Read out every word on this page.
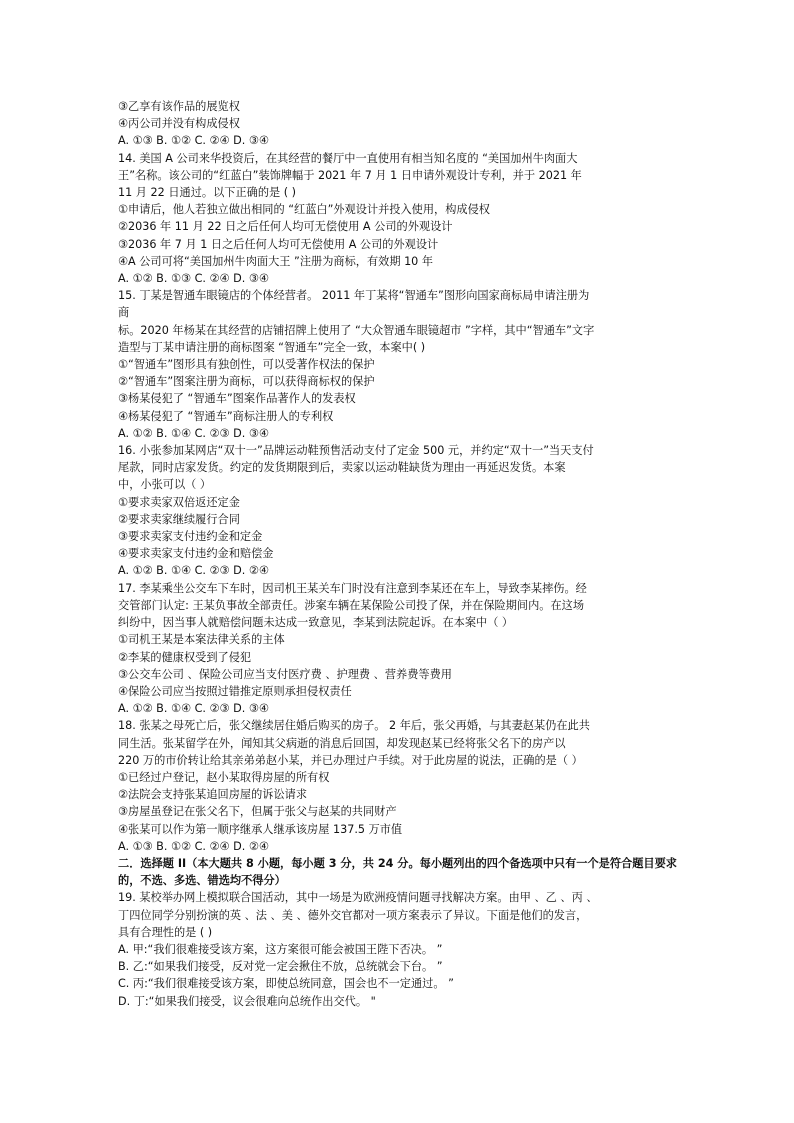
③乙享有该作品的展览权
④丙公司并没有构成侵权
A. ①③ B. ①② C. ②④ D. ③④
14. 美国 A 公司来华投资后，在其经营的餐厅中一直使用有相当知名度的 “美国加州牛肉面大
王”名称。该公司的“红蓝白”装饰牌幅于 2021 年 7 月 1 日申请外观设计专利，并于 2021 年
11 月 22 日通过。以下正确的是 ( )
①申请后，他人若独立做出相同的 “红蓝白”外观设计并投入使用，构成侵权
②2036 年 11 月 22 日之后任何人均可无偿使用 A 公司的外观设计
③2036 年 7 月 1 日之后任何人均可无偿使用 A 公司的外观设计
④A 公司可将“美国加州牛肉面大王 ”注册为商标，有效期 10 年
A. ①② B. ①③ C. ②④ D. ③④
15. 丁某是智通车眼镜店的个体经营者。 2011 年丁某将“智通车”图形向国家商标局申请注册为
商
标。2020 年杨某在其经营的店铺招牌上使用了 “大众智通车眼镜超市 ”字样，其中“智通车”文字
造型与丁某申请注册的商标图案 “智通车”完全一致，本案中( )
①“智通车”图形具有独创性，可以受著作权法的保护
②“智通车”图案注册为商标，可以获得商标权的保护
③杨某侵犯了 “智通车”图案作品著作人的发表权
④杨某侵犯了 “智通车”商标注册人的专利权
A. ①② B. ①④ C. ②③ D. ③④
16. 小张参加某网店“双十一”品牌运动鞋预售活动支付了定金 500 元，并约定“双十一”当天支付
尾款，同时店家发货。约定的发货期限到后，卖家以运动鞋缺货为理由一再延迟发货。本案
中，小张可以（ ）
①要求卖家双倍返还定金
②要求卖家继续履行合同
③要求卖家支付违约金和定金
④要求卖家支付违约金和赔偿金
A. ①② B. ①④ C. ②③ D. ②④
17. 李某乘坐公交车下车时，因司机王某关车门时没有注意到李某还在车上，导致李某摔伤。经
交管部门认定: 王某负事故全部责任。涉案车辆在某保险公司投了保，并在保险期间内。在这场
纠纷中，因当事人就赔偿问题未达成一致意见，李某到法院起诉。在本案中（ ）
①司机王某是本案法律关系的主体
②李某的健康权受到了侵犯
③公交车公司 、保险公司应当支付医疗费 、护理费 、营养费等费用
④保险公司应当按照过错推定原则承担侵权责任
A. ①② B. ①④ C. ②③ D. ③④
18. 张某之母死亡后，张父继续居住婚后购买的房子。 2 年后，张父再婚，与其妻赵某仍在此共
同生活。张某留学在外，闻知其父病逝的消息后回国，却发现赵某已经将张父名下的房产以
220 万的市价转让给其亲弟弟赵小某，并已办理过户手续。对于此房屋的说法，正确的是（ ）
①已经过户登记，赵小某取得房屋的所有权
②法院会支持张某追回房屋的诉讼请求
③房屋虽登记在张父名下，但属于张父与赵某的共同财产
④张某可以作为第一顺序继承人继承该房屋 137.5 万市值
A. ①③ B. ①② C. ②④ D. ②④
二．选择题 II（本大题共 8 小题，每小题 3 分，共 24 分。每小题列出的四个备选项中只有一个是符合题目要求的，不选、多选、错选均不得分）
19. 某校举办网上模拟联合国活动，其中一场是为欧洲疫情问题寻找解决方案。由甲 、乙 、丙 、
丁四位同学分别扮演的英 、法 、美 、德外交官都对一项方案表示了异议。下面是他们的发言，
具有合理性的是 ( )
A. 甲:“我们很难接受该方案，这方案很可能会被国王陛下否决。 ”
B. 乙:“如果我们接受，反对党一定会揪住不放，总统就会下台。 ”
C. 丙:“我们很难接受该方案，即使总统同意，国会也不一定通过。 ”
D. 丁:“如果我们接受，议会很难向总统作出交代。 "
